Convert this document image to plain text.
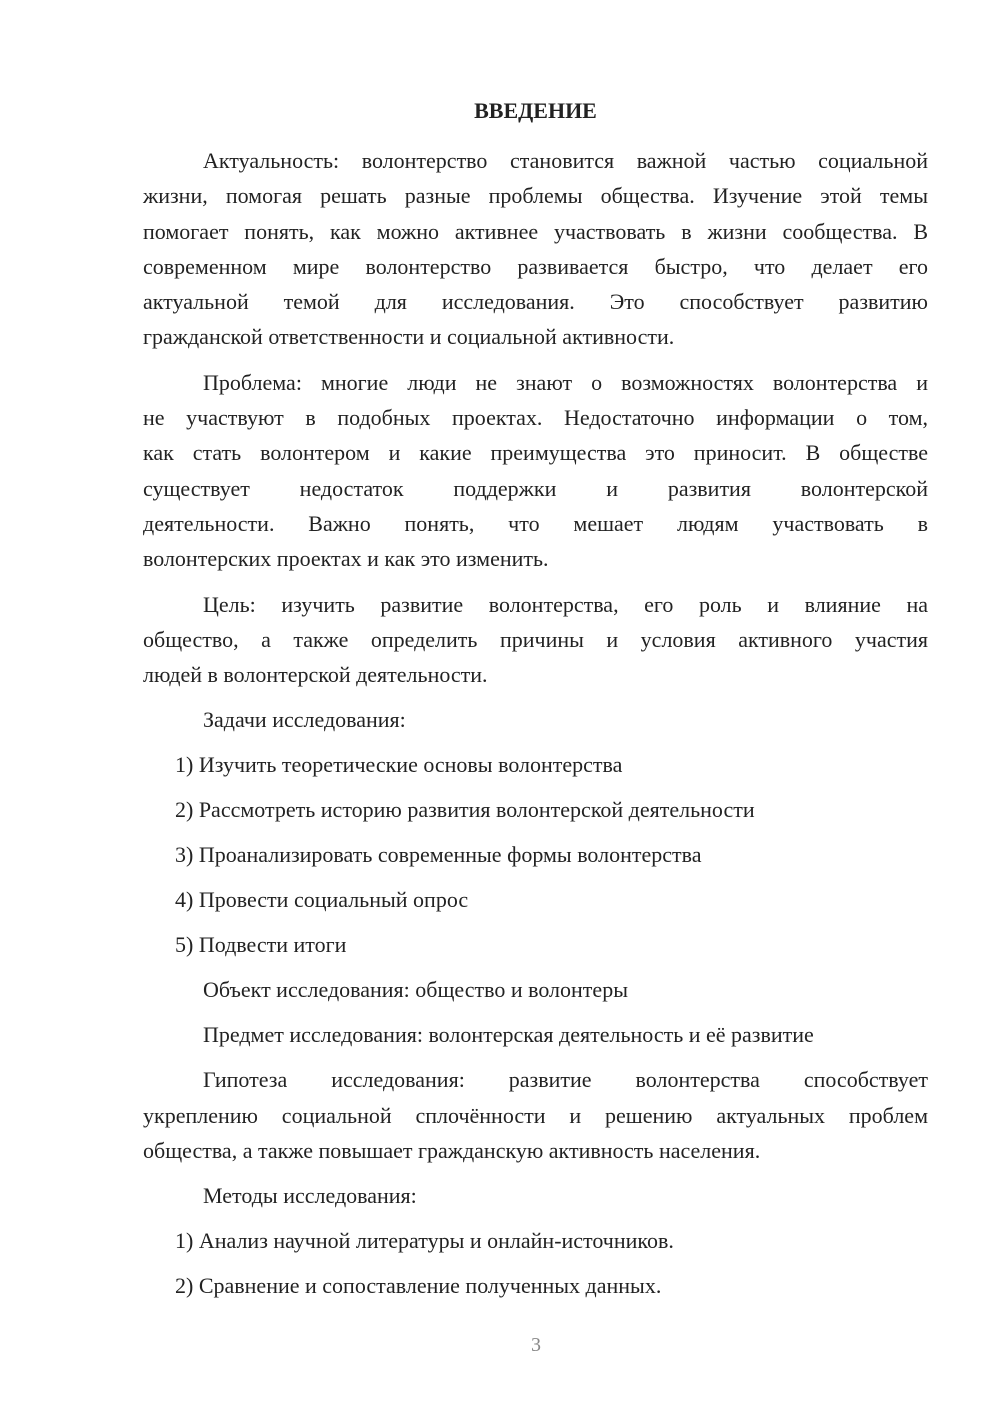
ВВЕДЕНИЕ
Актуальность: волонтерство становится важной частью социальной
жизни, помогая решать разные проблемы общества. Изучение этой темы
помогает понять, как можно активнее участвовать в жизни сообщества. В
современном мире волонтерство развивается быстро, что делает его
актуальной темой для исследования. Это способствует развитию
гражданской ответственности и социальной активности.
Проблема: многие люди не знают о возможностях волонтерства и
не участвуют в подобных проектах. Недостаточно информации о том,
как стать волонтером и какие преимущества это приносит. В обществе
существует недостаток поддержки и развития волонтерской
деятельности. Важно понять, что мешает людям участвовать в
волонтерских проектах и как это изменить.
Цель: изучить развитие волонтерства, его роль и влияние на
общество, а также определить причины и условия активного участия
людей в волонтерской деятельности.
Задачи исследования:
1) Изучить теоретические основы волонтерства
2) Рассмотреть историю развития волонтерской деятельности
3) Проанализировать современные формы волонтерства
4) Провести социальный опрос
5) Подвести итоги
Объект исследования: общество и волонтеры
Предмет исследования: волонтерская деятельность и её развитие
Гипотеза исследования: развитие волонтерства способствует
укреплению социальной сплочённости и решению актуальных проблем
общества, а также повышает гражданскую активность населения.
Методы исследования:
1) Анализ научной литературы и онлайн-источников.
2) Сравнение и сопоставление полученных данных.
3
